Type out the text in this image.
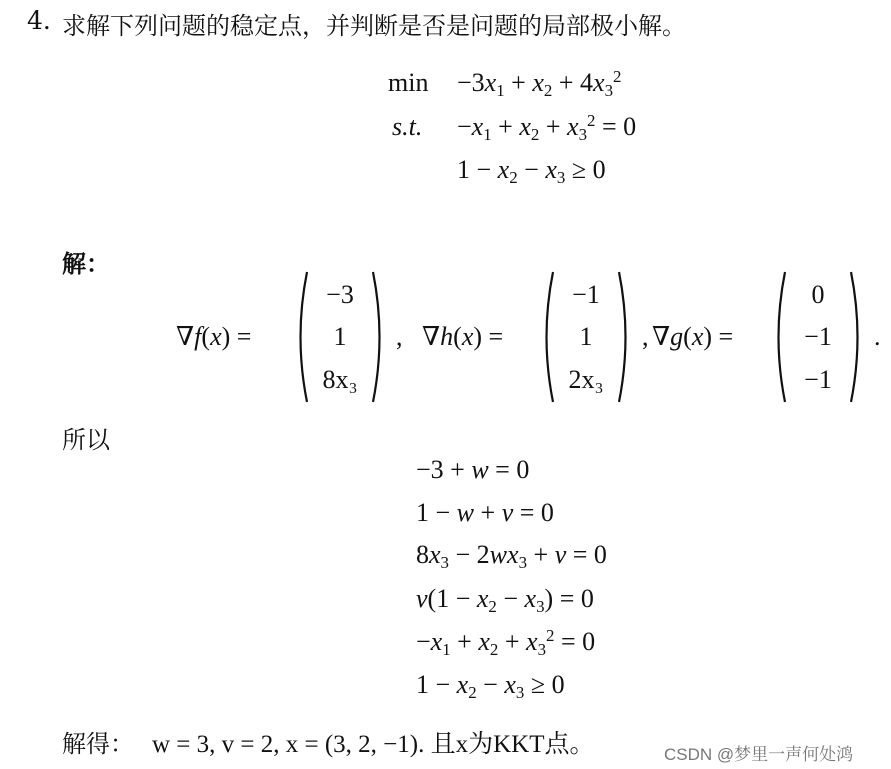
4. 求解下列问题的稳定点，并判断是否是问题的局部极小解。
$\min -3x_1 + x_2 + 4x_3^2$
s.t. $-x_1 + x_2 + x_3^2 = 0$
$1 - x_2 - x_3 \ge 0$
解：
∇f(x) =
−3
1
8x₃
, ∇h(x) =
−1
1
2x₃
, ∇g(x) =
0
−1
−1
.
所以
−3 + w = 0
1 − w + v = 0
$8x_3 - 2wx_3 + v = 0$
$v(1 - x_2 - x_3) = 0$
$-x_1 + x_2 + x_3^2 = 0$
$1 - x_2 - x_3 \ge 0$
解得： w = 3, v = 2, x = (3, 2, −1). 且x为KKT点。	CSDN @梦里一声何处鸿
